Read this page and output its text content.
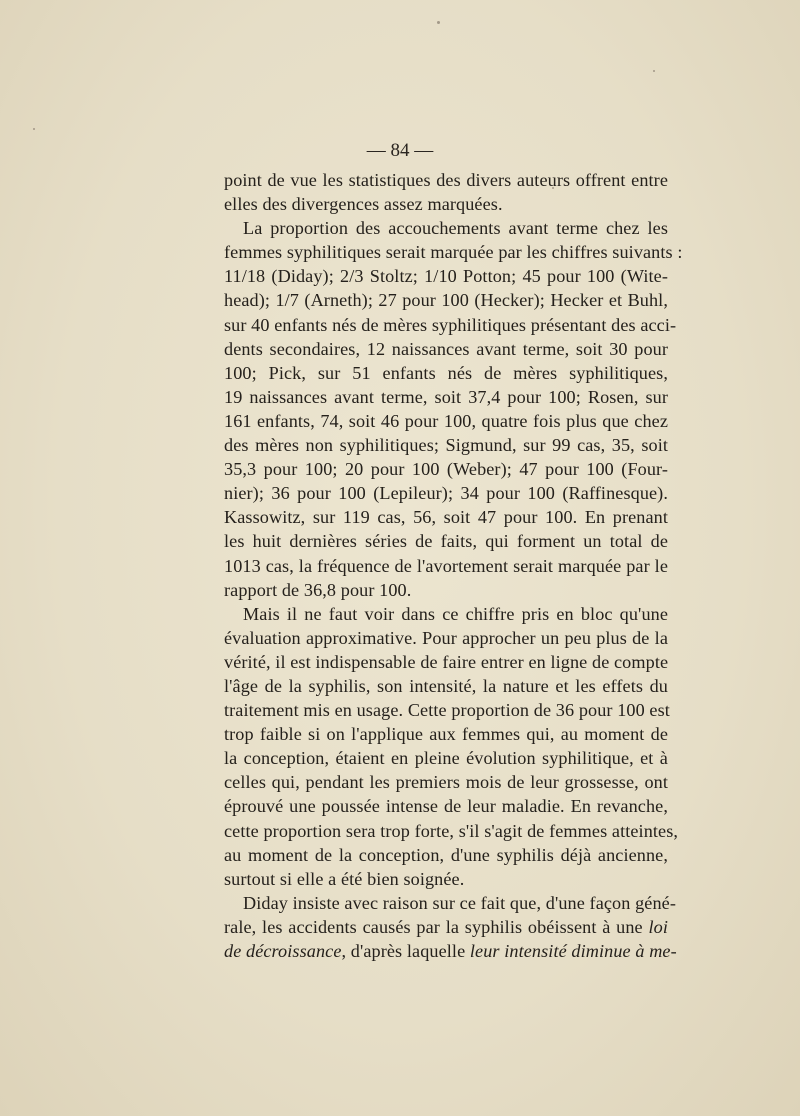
— 84 —
point de vue les statistiques des divers auteurs offrent entre
elles des divergences assez marquées.
La proportion des accouchements avant terme chez les
femmes syphilitiques serait marquée par les chiffres suivants :
11/18 (Diday); 2/3 Stoltz; 1/10 Potton; 45 pour 100 (Wite-
head); 1/7 (Arneth); 27 pour 100 (Hecker); Hecker et Buhl,
sur 40 enfants nés de mères syphilitiques présentant des acci-
dents secondaires, 12 naissances avant terme, soit 30 pour
100; Pick, sur 51 enfants nés de mères syphilitiques,
19 naissances avant terme, soit 37,4 pour 100; Rosen, sur
161 enfants, 74, soit 46 pour 100, quatre fois plus que chez
des mères non syphilitiques; Sigmund, sur 99 cas, 35, soit
35,3 pour 100; 20 pour 100 (Weber); 47 pour 100 (Four-
nier); 36 pour 100 (Lepileur); 34 pour 100 (Raffinesque).
Kassowitz, sur 119 cas, 56, soit 47 pour 100. En prenant
les huit dernières séries de faits, qui forment un total de
1013 cas, la fréquence de l'avortement serait marquée par le
rapport de 36,8 pour 100.
Mais il ne faut voir dans ce chiffre pris en bloc qu'une
évaluation approximative. Pour approcher un peu plus de la
vérité, il est indispensable de faire entrer en ligne de compte
l'âge de la syphilis, son intensité, la nature et les effets du
traitement mis en usage. Cette proportion de 36 pour 100 est
trop faible si on l'applique aux femmes qui, au moment de
la conception, étaient en pleine évolution syphilitique, et à
celles qui, pendant les premiers mois de leur grossesse, ont
éprouvé une poussée intense de leur maladie. En revanche,
cette proportion sera trop forte, s'il s'agit de femmes atteintes,
au moment de la conception, d'une syphilis déjà ancienne,
surtout si elle a été bien soignée.
Diday insiste avec raison sur ce fait que, d'une façon géné-
rale, les accidents causés par la syphilis obéissent à une loi
de décroissance, d'après laquelle leur intensité diminue à me-
